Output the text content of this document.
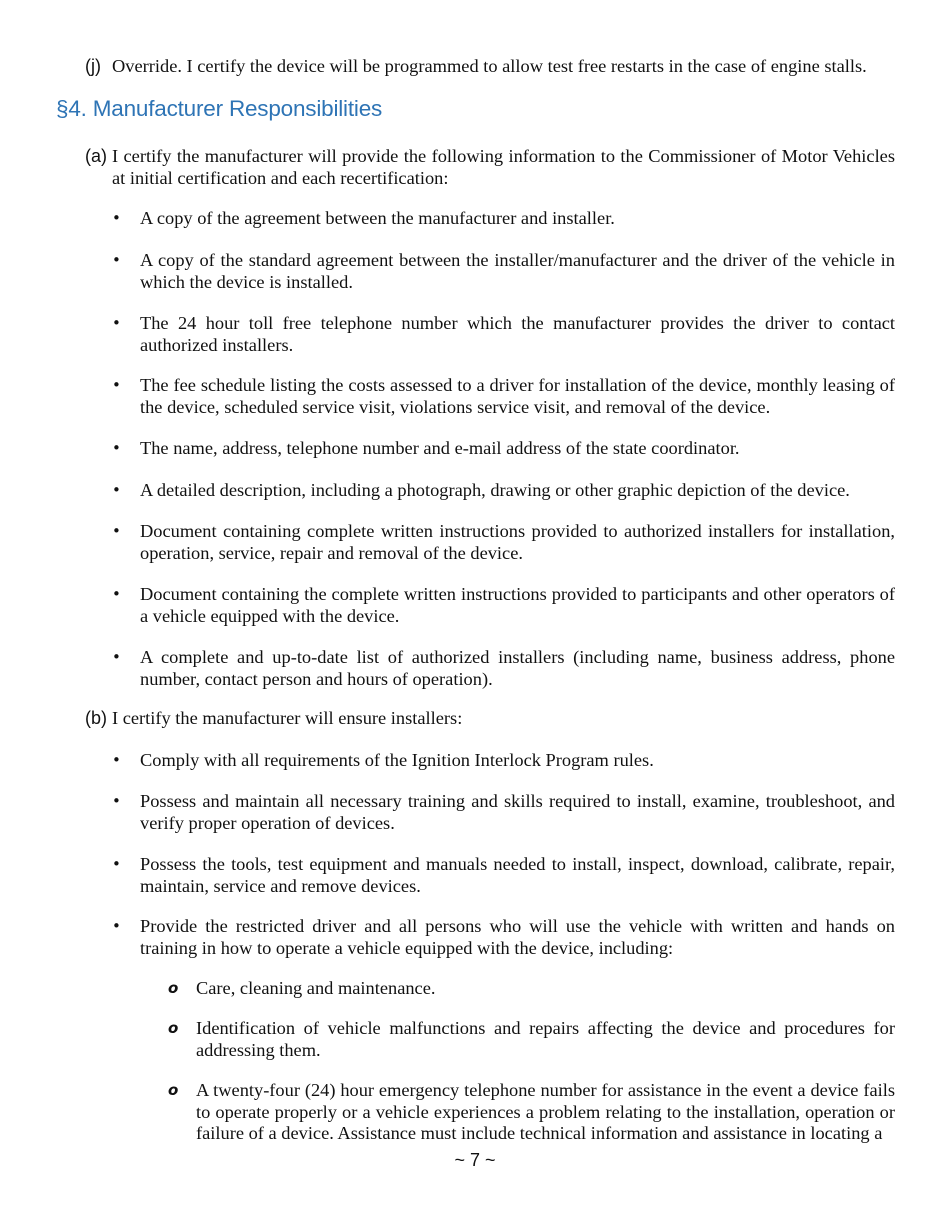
(j) Override. I certify the device will be programmed to allow test free restarts in the case of engine stalls.
§4. Manufacturer Responsibilities
(a) I certify the manufacturer will provide the following information to the Commissioner of Motor Vehicles at initial certification and each recertification:
• A copy of the agreement between the manufacturer and installer.
• A copy of the standard agreement between the installer/manufacturer and the driver of the vehicle in which the device is installed.
• The 24 hour toll free telephone number which the manufacturer provides the driver to contact authorized installers.
• The fee schedule listing the costs assessed to a driver for installation of the device, monthly leasing of the device, scheduled service visit, violations service visit, and removal of the device.
• The name, address, telephone number and e-mail address of the state coordinator.
• A detailed description, including a photograph, drawing or other graphic depiction of the device.
• Document containing complete written instructions provided to authorized installers for installation, operation, service, repair and removal of the device.
• Document containing the complete written instructions provided to participants and other operators of a vehicle equipped with the device.
• A complete and up-to-date list of authorized installers (including name, business address, phone number, contact person and hours of operation).
(b) I certify the manufacturer will ensure installers:
• Comply with all requirements of the Ignition Interlock Program rules.
• Possess and maintain all necessary training and skills required to install, examine, troubleshoot, and verify proper operation of devices.
• Possess the tools, test equipment and manuals needed to install, inspect, download, calibrate, repair, maintain, service and remove devices.
• Provide the restricted driver and all persons who will use the vehicle with written and hands on training in how to operate a vehicle equipped with the device, including:
o Care, cleaning and maintenance.
o Identification of vehicle malfunctions and repairs affecting the device and procedures for addressing them.
o A twenty-four (24) hour emergency telephone number for assistance in the event a device fails to operate properly or a vehicle experiences a problem relating to the installation, operation or failure of a device. Assistance must include technical information and assistance in locating a
~ 7 ~
